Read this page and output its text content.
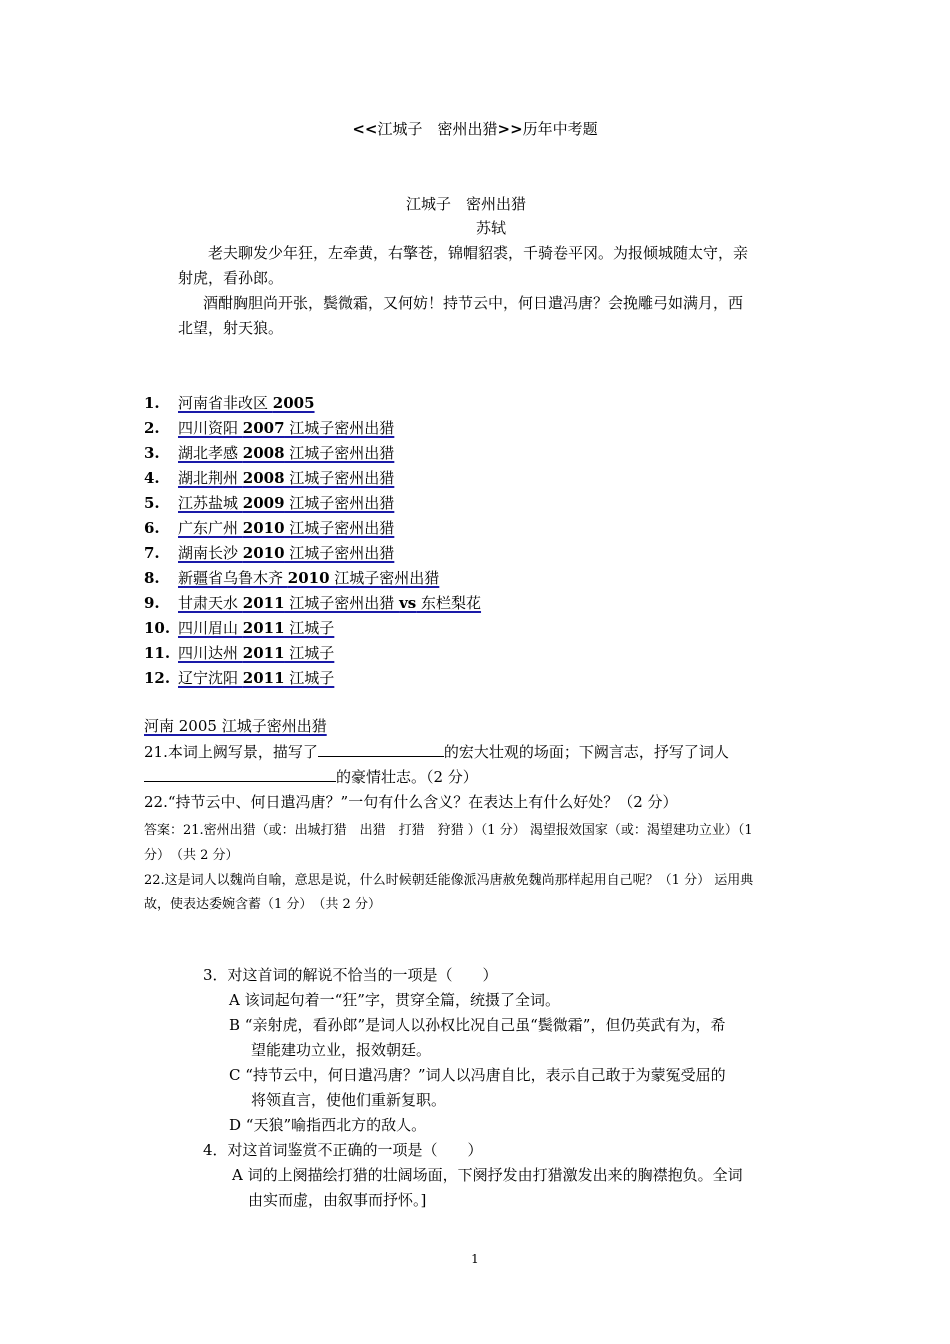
<<江城子　密州出猎>>历年中考题
江城子　密州出猎
苏轼
老夫聊发少年狂，左牵黄，右擎苍，锦帽貂裘，千骑卷平冈。为报倾城随太守，亲
射虎，看孙郎。
酒酣胸胆尚开张，鬓微霜，又何妨！持节云中，何日遣冯唐？会挽雕弓如满月，西
北望，射天狼。
1. 河南省非改区 2005
2. 四川资阳 2007 江城子密州出猎
3. 湖北孝感 2008 江城子密州出猎
4. 湖北荆州 2008 江城子密州出猎
5. 江苏盐城 2009 江城子密州出猎
6. 广东广州 2010 江城子密州出猎
7. 湖南长沙 2010 江城子密州出猎
8. 新疆省乌鲁木齐 2010 江城子密州出猎
9. 甘肃天水 2011 江城子密州出猎 vs 东栏梨花
10. 四川眉山 2011 江城子
11. 四川达州 2011 江城子
12. 辽宁沈阳 2011 江城子
河南 2005 江城子密州出猎
21.本词上阙写景，描写了	的宏大壮观的场面；下阙言志，抒写了词人
的豪情壮志。（2 分）
22.“持节云中、何日遣冯唐？”一句有什么含义？在表达上有什么好处？（2 分）
答案：21.密州出猎（或：出城打猎　出猎　打猎　狩猎 ）（1 分） 渴望报效国家（或：渴望建功立业）（1
分）　（共 2 分）
22.这是词人以魏尚自喻，意思是说，什么时候朝廷能像派冯唐赦免魏尚那样起用自己呢？（1 分） 运用典
故，使表达委婉含蓄（1 分）　（共 2 分）
3．对这首词的解说不恰当的一项是（　　）
A 该词起句着一“狂”字，贯穿全篇，统摄了全词。
B “亲射虎，看孙郎”是词人以孙权比况自己虽“鬓微霜”，但仍英武有为，希
望能建功立业，报效朝廷。
C “持节云中，何日遣冯唐？”词人以冯唐自比，表示自己敢于为蒙冤受屈的
将领直言，使他们重新复职。
D “天狼”喻指西北方的敌人。
4．对这首词鉴赏不正确的一项是（　　）
A 词的上阕描绘打猎的壮阔场面，下阕抒发由打猎激发出来的胸襟抱负。全词
由实而虚，由叙事而抒怀。]
1
